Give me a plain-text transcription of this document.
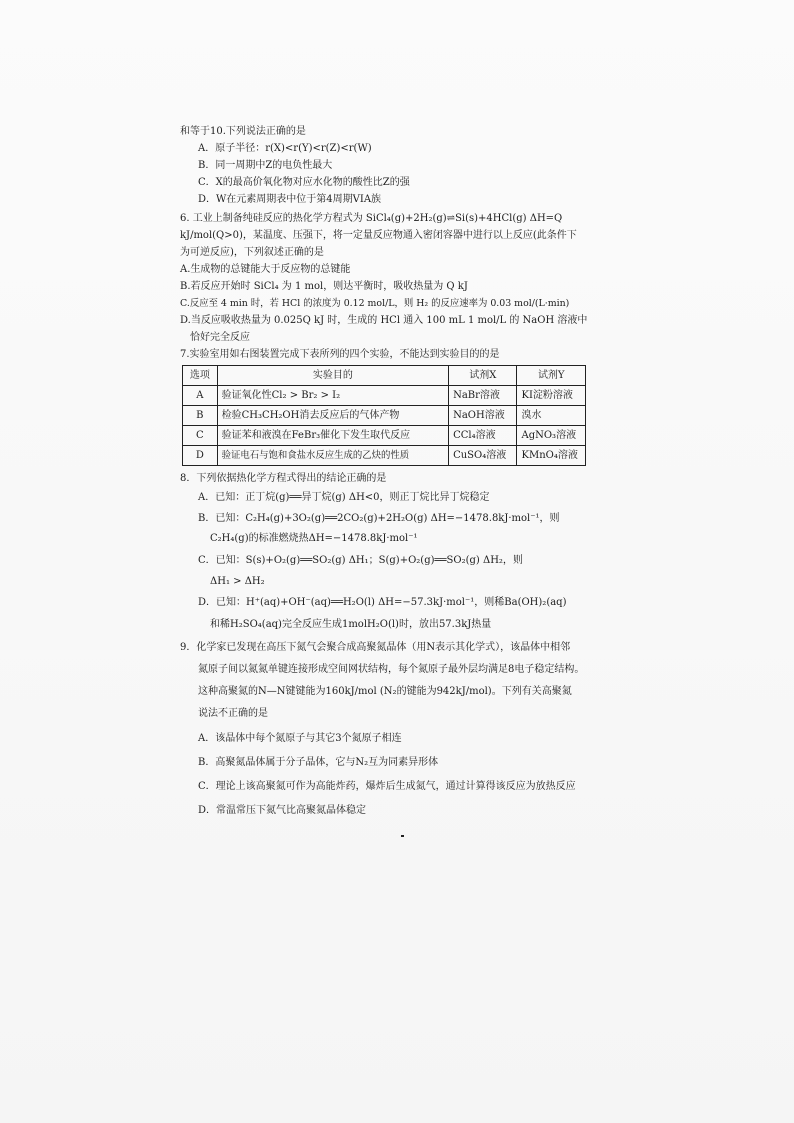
和等于10.下列说法正确的是
A．原子半径：r(X)<r(Y)<r(Z)<r(W)
B．同一周期中Z的电负性最大
C．X的最高价氧化物对应水化物的酸性比Z的强
D．W在元素周期表中位于第4周期VIA族
6. 工业上制备纯硅反应的热化学方程式为 SiCl₄(g)+2H₂(g)⇌Si(s)+4HCl(g) ΔH=Q
kJ/mol(Q>0)，某温度、压强下，将一定量反应物通入密闭容器中进行以上反应(此条件下
为可逆反应)，下列叙述正确的是
A.生成物的总键能大于反应物的总键能
B.若反应开始时 SiCl₄ 为 1 mol，则达平衡时，吸收热量为 Q kJ
C.反应至 4 min 时，若 HCl 的浓度为 0.12 mol/L，则 H₂ 的反应速率为 0.03 mol/(L·min)
D.当反应吸收热量为 0.025Q kJ 时，生成的 HCl 通入 100 mL 1 mol/L 的 NaOH 溶液中
恰好完全反应
7.实验室用如右图装置完成下表所列的四个实验，不能达到实验目的的是
选项	实验目的	试剂X	试剂Y
A	验证氧化性Cl₂ > Br₂ > I₂	NaBr溶液	KI淀粉溶液
B	检验CH₃CH₂OH消去反应后的气体产物	NaOH溶液	溴水
C	验证苯和液溴在FeBr₃催化下发生取代反应	CCl₄溶液	AgNO₃溶液
D	验证电石与饱和食盐水反应生成的乙炔的性质	CuSO₄溶液	KMnO₄溶液
8．下列依据热化学方程式得出的结论正确的是
A．已知：正丁烷(g)══异丁烷(g) ΔH<0，则正丁烷比异丁烷稳定
B．已知：C₂H₄(g)+3O₂(g)══2CO₂(g)+2H₂O(g) ΔH=−1478.8kJ·mol⁻¹，则
C₂H₄(g)的标准燃烧热ΔH=−1478.8kJ·mol⁻¹
C．已知：S(s)+O₂(g)══SO₂(g) ΔH₁；S(g)+O₂(g)══SO₂(g) ΔH₂，则
ΔH₁ > ΔH₂
D．已知：H⁺(aq)+OH⁻(aq)══H₂O(l) ΔH=−57.3kJ·mol⁻¹，则稀Ba(OH)₂(aq)
和稀H₂SO₄(aq)完全反应生成1molH₂O(l)时，放出57.3kJ热量
9．化学家已发现在高压下氮气会聚合成高聚氮晶体（用N表示其化学式），该晶体中相邻
氮原子间以氮氮单键连接形成空间网状结构，每个氮原子最外层均满足8电子稳定结构。
这种高聚氮的N—N键键能为160kJ/mol (N₂的键能为942kJ/mol)。下列有关高聚氮
说法不正确的是
A．该晶体中每个氮原子与其它3个氮原子相连
B．高聚氮晶体属于分子晶体，它与N₂互为同素异形体
C．理论上该高聚氮可作为高能炸药，爆炸后生成氮气，通过计算得该反应为放热反应
D．常温常压下氮气比高聚氮晶体稳定
